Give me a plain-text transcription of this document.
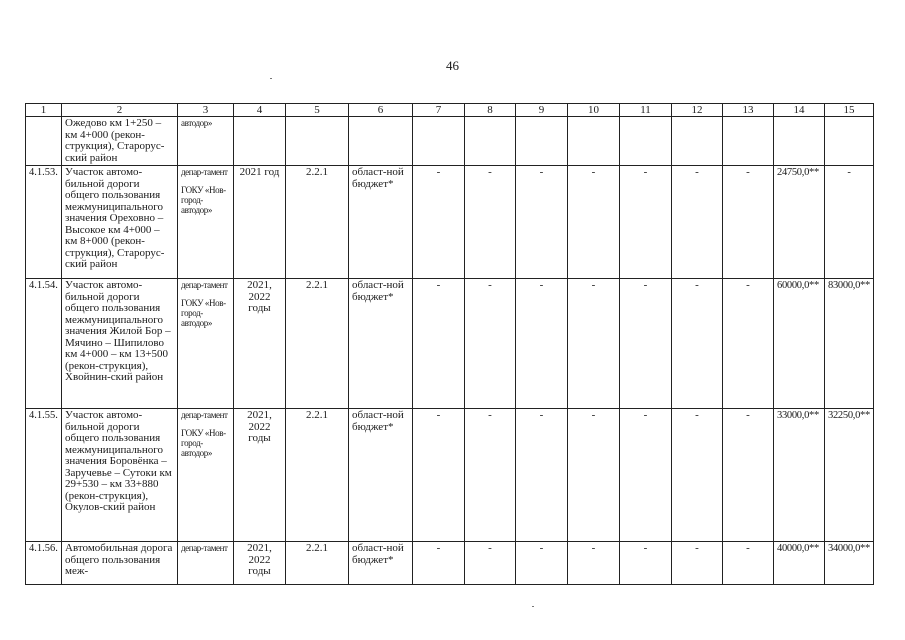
46
1	2	3	4	5	6	7	8	9	10	11	12	13	14	15
	Ожедово км 1+250 – км 4+000 (рекон-струкция), Старорус-ский район	автодор»												
4.1.53.	Участок автомо-бильной дороги общего пользования межмуниципального значения Ореховно – Высокое км 4+000 – км 8+000 (рекон-струкция), Старорус-ский район	депар-тамент
ГОКУ «Нов-город-автодор»	2021 год	2.2.1	област-ной бюджет*	-	-	-	-	-	-	-	24750,0**	-
4.1.54.	Участок автомо-бильной дороги общего пользования межмуниципального значения Жилой Бор – Мячино – Шипилово км 4+000 – км 13+500 (рекон-струкция), Хвойнин-ский район	депар-тамент
ГОКУ «Нов-город-автодор»	2021, 2022 годы	2.2.1	област-ной бюджет*	-	-	-	-	-	-	-	60000,0**	83000,0**
4.1.55.	Участок автомо-бильной дороги общего пользования межмуниципального значения Боровёнка – Заручевье – Сутоки км 29+530 – км 33+880 (рекон-струкция), Окулов-ский район	депар-тамент
ГОКУ «Нов-город-автодор»	2021, 2022 годы	2.2.1	област-ной бюджет*	-	-	-	-	-	-	-	33000,0**	32250,0**
4.1.56.	Автомобильная дорога общего пользования меж-	депар-тамент	2021, 2022 годы	2.2.1	област-ной бюджет*	-	-	-	-	-	-	-	40000,0**	34000,0**
